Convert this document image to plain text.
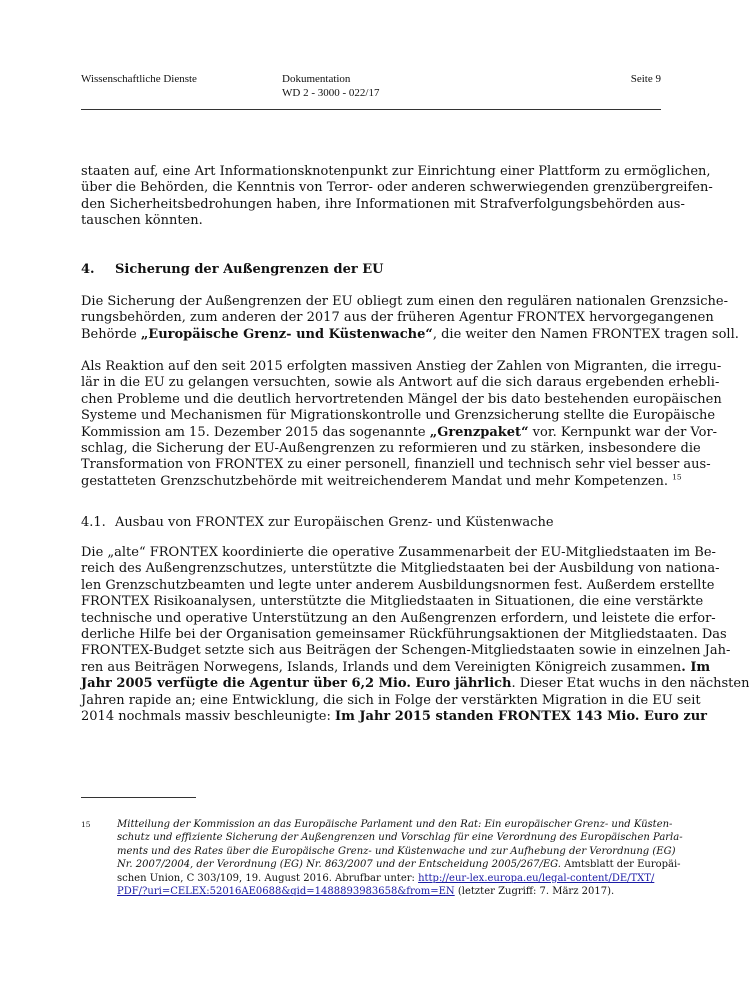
Wissenschaftliche Dienste	Dokumentation
WD 2 - 3000 - 022/17
Seite 9

staaten auf, eine Art Informationsknotenpunkt zur Einrichtung einer Plattform zu ermöglichen,
über die Behörden, die Kenntnis von Terror- oder anderen schwerwiegenden grenzübergreifen-
den Sicherheitsbedrohungen haben, ihre Informationen mit Strafverfolgungsbehörden aus-
tauschen könnten.

4. Sicherung der Außengrenzen der EU

Die Sicherung der Außengrenzen der EU obliegt zum einen den regulären nationalen Grenzsiche-
rungsbehörden, zum anderen der 2017 aus der früheren Agentur FRONTEX hervorgegangenen
Behörde „Europäische Grenz- und Küstenwache“, die weiter den Namen FRONTEX tragen soll.

Als Reaktion auf den seit 2015 erfolgten massiven Anstieg der Zahlen von Migranten, die irregu-
lär in die EU zu gelangen versuchten, sowie als Antwort auf die sich daraus ergebenden erhebli-
chen Probleme und die deutlich hervortretenden Mängel der bis dato bestehenden europäischen
Systeme und Mechanismen für Migrationskontrolle und Grenzsicherung stellte die Europäische
Kommission am 15. Dezember 2015 das sogenannte „Grenzpaket“ vor. Kernpunkt war der Vor-
schlag, die Sicherung der EU-Außengrenzen zu reformieren und zu stärken, insbesondere die
Transformation von FRONTEX zu einer personell, finanziell und technisch sehr viel besser aus-
gestatteten Grenzschutzbehörde mit weitreichenderem Mandat und mehr Kompetenzen. $^{15}$

4.1. Ausbau von FRONTEX zur Europäischen Grenz- und Küstenwache

Die „alte“ FRONTEX koordinierte die operative Zusammenarbeit der EU-Mitgliedstaaten im Be-
reich des Außengrenzschutzes, unterstützte die Mitgliedstaaten bei der Ausbildung von nationa-
len Grenzschutzbeamten und legte unter anderem Ausbildungsnormen fest. Außerdem erstellte
FRONTEX Risikoanalysen, unterstützte die Mitgliedstaaten in Situationen, die eine verstärkte
technische und operative Unterstützung an den Außengrenzen erfordern, und leistete die erfor-
derliche Hilfe bei der Organisation gemeinsamer Rückführungsaktionen der Mitgliedstaaten. Das
FRONTEX-Budget setzte sich aus Beiträgen der Schengen-Mitgliedstaaten sowie in einzelnen Jah-
ren aus Beiträgen Norwegens, Islands, Irlands und dem Vereinigten Königreich zusammen. Im
Jahr 2005 verfügte die Agentur über 6,2 Mio. Euro jährlich. Dieser Etat wuchs in den nächsten
Jahren rapide an; eine Entwicklung, die sich in Folge der verstärkten Migration in die EU seit
2014 nochmals massiv beschleunigte: Im Jahr 2015 standen FRONTEX 143 Mio. Euro zur

15	Mitteilung der Kommission an das Europäische Parlament und den Rat: Ein europäischer Grenz- und Küsten-
schutz und effiziente Sicherung der Außengrenzen und Vorschlag für eine Verordnung des Europäischen Parla-
ments und des Rates über die Europäische Grenz- und Küstenwache und zur Aufhebung der Verordnung (EG)
Nr. 2007/2004, der Verordnung (EG) Nr. 863/2007 und der Entscheidung 2005/267/EG. Amtsblatt der Europäi-
schen Union, C 303/109, 19. August 2016. Abrufbar unter: http://eur-lex.europa.eu/legal-content/DE/TXT/
PDF/?uri=CELEX:52016AE0688&qid=1488893983658&from=EN (letzter Zugriff: 7. März 2017).
